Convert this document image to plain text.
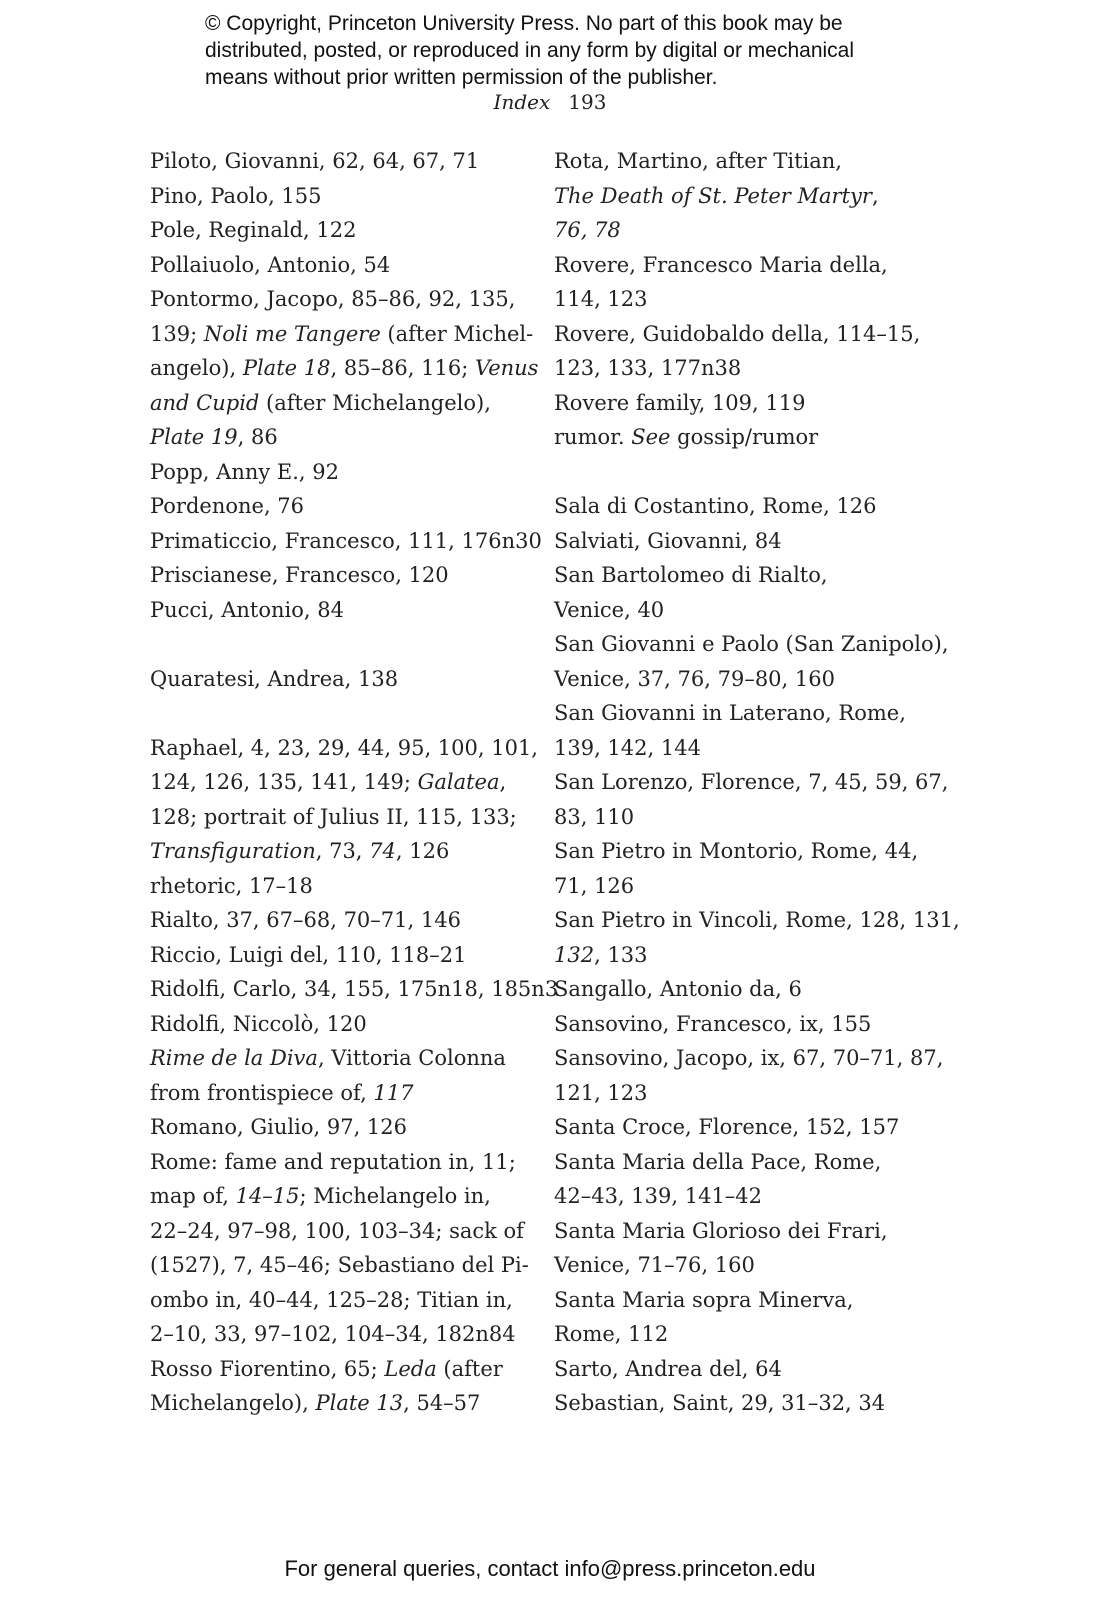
© Copyright, Princeton University Press. No part of this book may be
distributed, posted, or reproduced in any form by digital or mechanical
means without prior written permission of the publisher.
Index 193
Piloto, Giovanni, 62, 64, 67, 71
Pino, Paolo, 155
Pole, Reginald, 122
Pollaiuolo, Antonio, 54
Pontormo, Jacopo, 85–86, 92, 135,
139; Noli me Tangere (after Michel-
angelo), Plate 18, 85–86, 116; Venus
and Cupid (after Michelangelo),
Plate 19, 86
Popp, Anny E., 92
Pordenone, 76
Primaticcio, Francesco, 111, 176n30
Priscianese, Francesco, 120
Pucci, Antonio, 84
Quaratesi, Andrea, 138
Raphael, 4, 23, 29, 44, 95, 100, 101,
124, 126, 135, 141, 149; Galatea,
128; portrait of Julius II, 115, 133;
Transfiguration, 73, 74, 126
rhetoric, 17–18
Rialto, 37, 67–68, 70–71, 146
Riccio, Luigi del, 110, 118–21
Ridolfi, Carlo, 34, 155, 175n18, 185n3
Ridolfi, Niccolò, 120
Rime de la Diva, Vittoria Colonna
from frontispiece of, 117
Romano, Giulio, 97, 126
Rome: fame and reputation in, 11;
map of, 14–15; Michelangelo in,
22–24, 97–98, 100, 103–34; sack of
(1527), 7, 45–46; Sebastiano del Pi-
ombo in, 40–44, 125–28; Titian in,
2–10, 33, 97–102, 104–34, 182n84
Rosso Fiorentino, 65; Leda (after
Michelangelo), Plate 13, 54–57
Rota, Martino, after Titian,
The Death of St. Peter Martyr,
76, 78
Rovere, Francesco Maria della,
114, 123
Rovere, Guidobaldo della, 114–15,
123, 133, 177n38
Rovere family, 109, 119
rumor. See gossip/rumor
Sala di Costantino, Rome, 126
Salviati, Giovanni, 84
San Bartolomeo di Rialto,
Venice, 40
San Giovanni e Paolo (San Zanipolo),
Venice, 37, 76, 79–80, 160
San Giovanni in Laterano, Rome,
139, 142, 144
San Lorenzo, Florence, 7, 45, 59, 67,
83, 110
San Pietro in Montorio, Rome, 44,
71, 126
San Pietro in Vincoli, Rome, 128, 131,
132, 133
Sangallo, Antonio da, 6
Sansovino, Francesco, ix, 155
Sansovino, Jacopo, ix, 67, 70–71, 87,
121, 123
Santa Croce, Florence, 152, 157
Santa Maria della Pace, Rome,
42–43, 139, 141–42
Santa Maria Glorioso dei Frari,
Venice, 71–76, 160
Santa Maria sopra Minerva,
Rome, 112
Sarto, Andrea del, 64
Sebastian, Saint, 29, 31–32, 34
For general queries, contact info@press.princeton.edu
